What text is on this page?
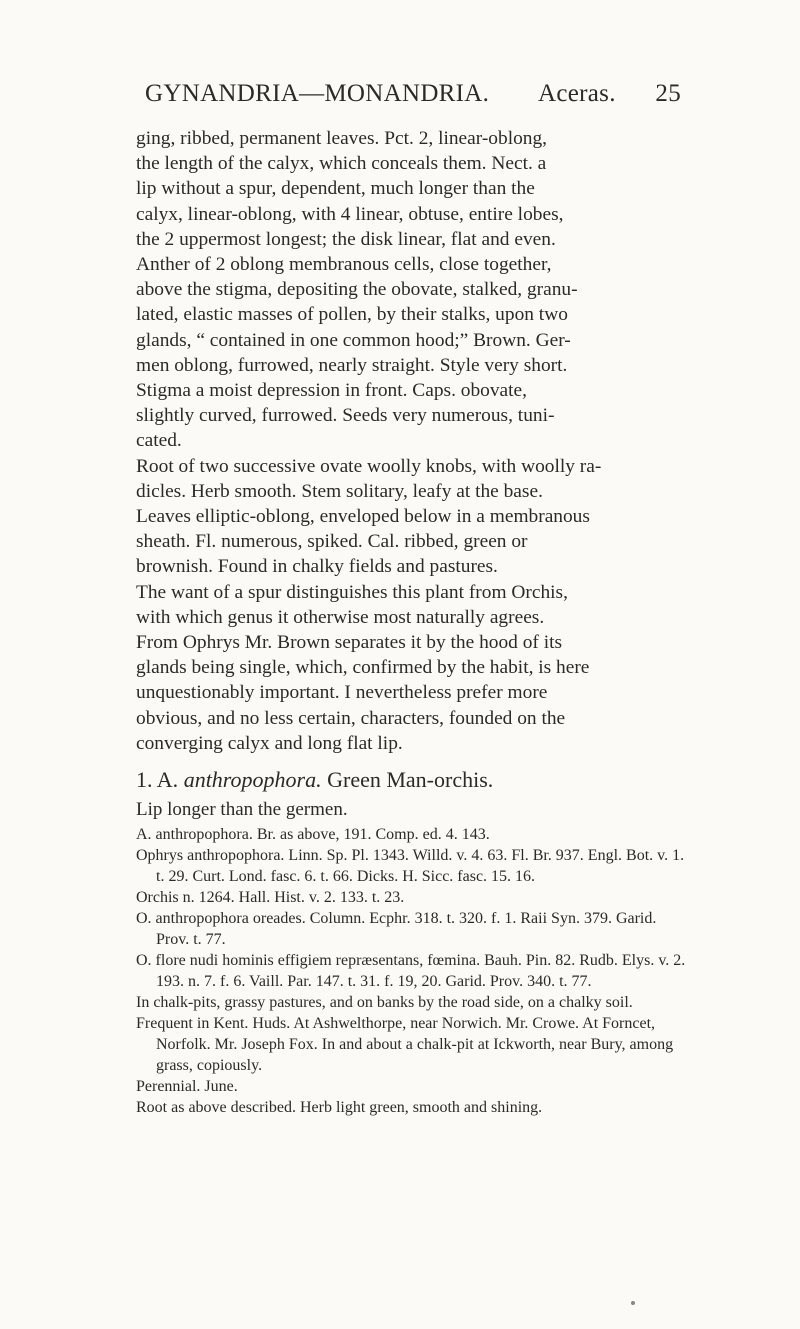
GYNANDRIA—MONANDRIA. Aceras. 25

ging, ribbed, permanent leaves. Pct. 2, linear-oblong,

the length of the calyx, which conceals them. Nect. a

lip without a spur, dependent, much longer than the

calyx, linear-oblong, with 4 linear, obtuse, entire lobes,

the 2 uppermost longest; the disk linear, flat and even.

Anther of 2 oblong membranous cells, close together,

above the stigma, depositing the obovate, stalked, granu-

lated, elastic masses of pollen, by their stalks, upon two

glands, “ contained in one common hood;” Brown. Ger-

men oblong, furrowed, nearly straight. Style very short.

Stigma a moist depression in front. Caps. obovate,

slightly curved, furrowed. Seeds very numerous, tuni-

cated.

Root of two successive ovate woolly knobs, with woolly ra-

dicles. Herb smooth. Stem solitary, leafy at the base.

Leaves elliptic-oblong, enveloped below in a membranous

sheath. Fl. numerous, spiked. Cal. ribbed, green or

brownish. Found in chalky fields and pastures.

The want of a spur distinguishes this plant from Orchis,

with which genus it otherwise most naturally agrees.

From Ophrys Mr. Brown separates it by the hood of its

glands being single, which, confirmed by the habit, is here

unquestionably important. I nevertheless prefer more

obvious, and no less certain, characters, founded on the

converging calyx and long flat lip.

1. A. anthropophora. Green Man-orchis.
Lip longer than the germen.

A. anthropophora. Br. as above, 191. Comp. ed. 4. 143.

Ophrys anthropophora. Linn. Sp. Pl. 1343. Willd. v. 4. 63. Fl. Br. 937. Engl. Bot. v. 1. t. 29. Curt. Lond. fasc. 6. t. 66. Dicks. H. Sicc. fasc. 15. 16.

Orchis n. 1264. Hall. Hist. v. 2. 133. t. 23.

O. anthropophora oreades. Column. Ecphr. 318. t. 320. f. 1. Raii Syn. 379. Garid. Prov. t. 77.

O. flore nudi hominis effigiem repræsentans, fœmina. Bauh. Pin. 82. Rudb. Elys. v. 2. 193. n. 7. f. 6. Vaill. Par. 147. t. 31. f. 19, 20. Garid. Prov. 340. t. 77.

In chalk-pits, grassy pastures, and on banks by the road side, on a chalky soil.

Frequent in Kent. Huds. At Ashwelthorpe, near Norwich. Mr. Crowe. At Forncet, Norfolk. Mr. Joseph Fox. In and about a chalk-pit at Ickworth, near Bury, among grass, copiously.

Perennial. June.

Root as above described. Herb light green, smooth and shining.
